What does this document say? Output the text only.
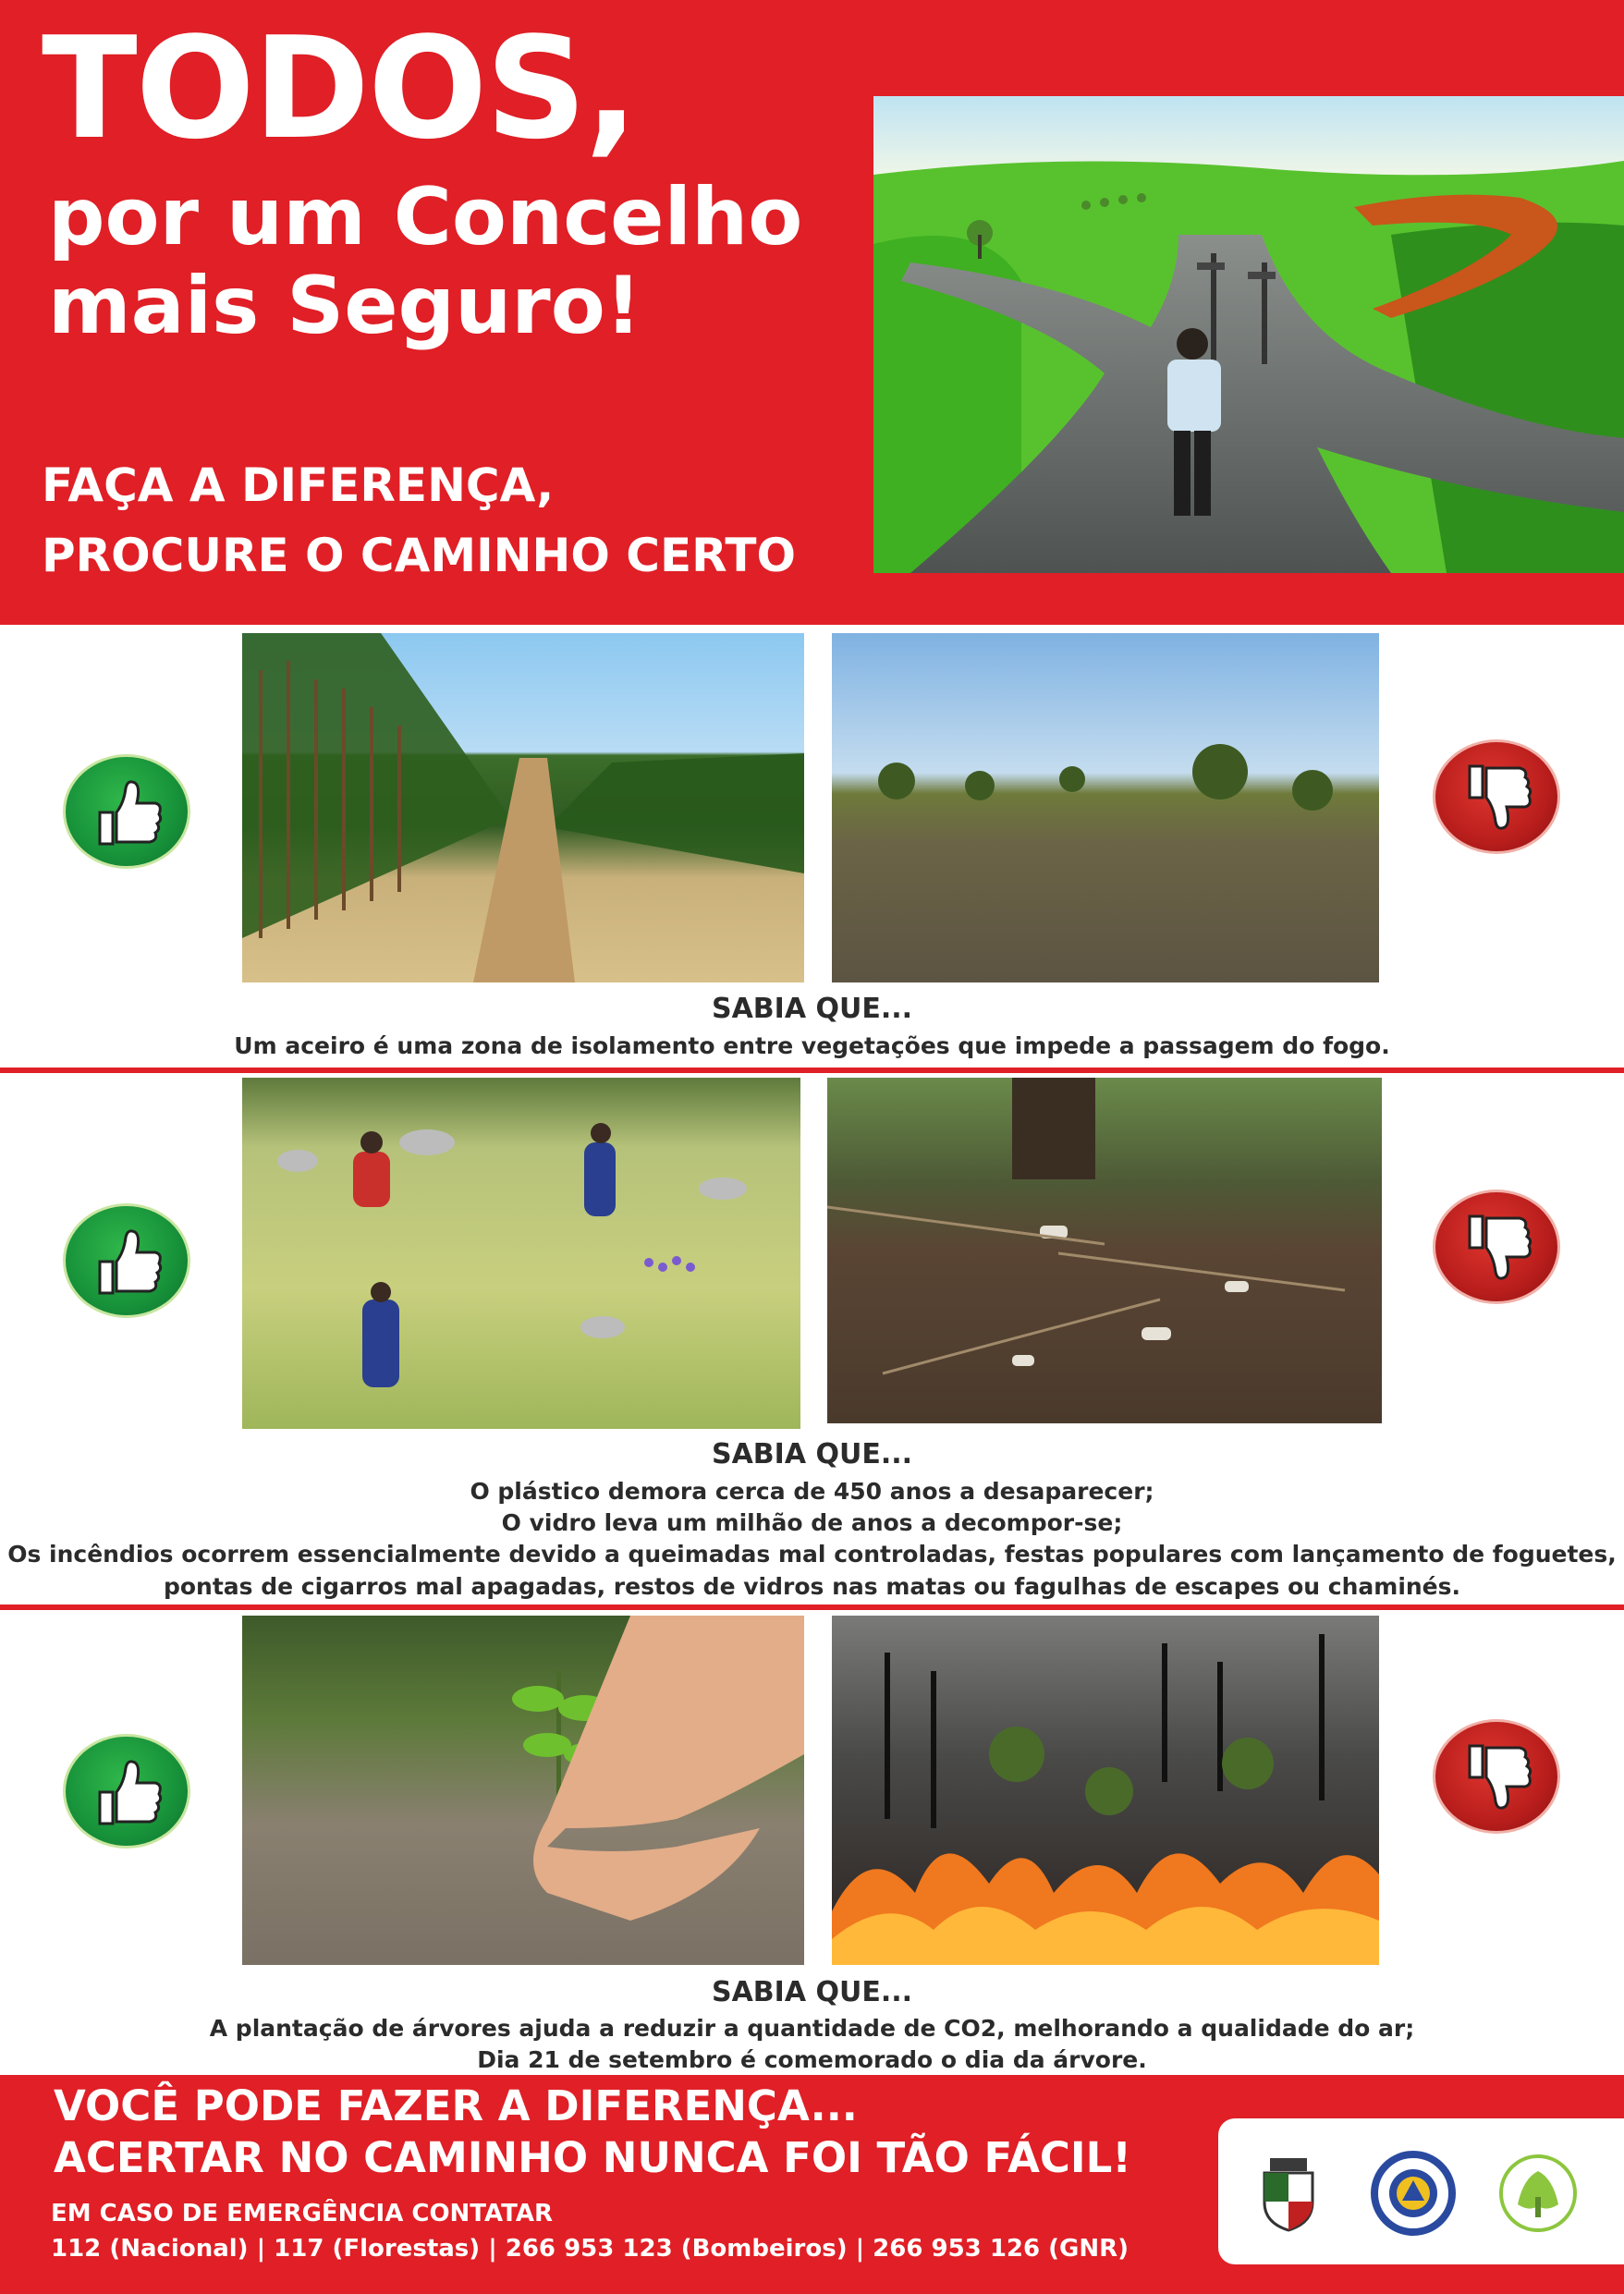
TODOS,
por um Concelho
mais Seguro!
FAÇA A DIFERENÇA,
PROCURE O CAMINHO CERTO
SABIA QUE...
Um aceiro é uma zona de isolamento entre vegetações que impede a passagem do fogo.
SABIA QUE...
O plástico demora cerca de 450 anos a desaparecer;
O vidro leva um milhão de anos a decompor-se;
Os incêndios ocorrem essencialmente devido a queimadas mal controladas, festas populares com lançamento de foguetes,
pontas de cigarros mal apagadas, restos de vidros nas matas ou fagulhas de escapes ou chaminés.
SABIA QUE...
A plantação de árvores ajuda a reduzir a quantidade de CO2, melhorando a qualidade do ar;
Dia 21 de setembro é comemorado o dia da árvore.
VOCÊ PODE FAZER A DIFERENÇA...
ACERTAR NO CAMINHO NUNCA FOI TÃO FÁCIL!
EM CASO DE EMERGÊNCIA CONTATAR
112 (Nacional) | 117 (Florestas) | 266 953 123 (Bombeiros) | 266 953 126 (GNR)
